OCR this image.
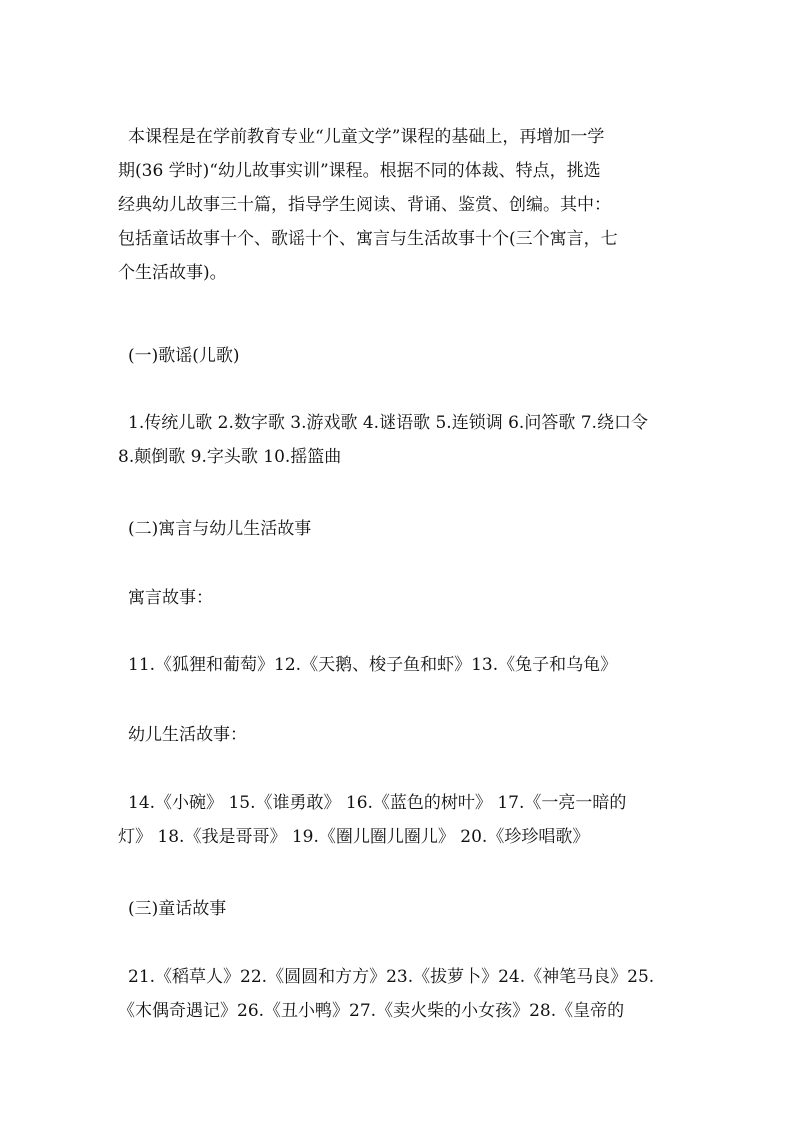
本课程是在学前教育专业“儿童文学”课程的基础上，再增加一学
期(36 学时)“幼儿故事实训”课程。根据不同的体裁、特点，挑选
经典幼儿故事三十篇，指导学生阅读、背诵、鉴赏、创编。其中：
包括童话故事十个、歌谣十个、寓言与生活故事十个(三个寓言，七
个生活故事)。
(一)歌谣(儿歌)
1.传统儿歌 2.数字歌 3.游戏歌 4.谜语歌 5.连锁调 6.问答歌 7.绕口令
8.颠倒歌 9.字头歌 10.摇篮曲
(二)寓言与幼儿生活故事
寓言故事：
11.《狐狸和葡萄》12.《天鹅、梭子鱼和虾》13.《兔子和乌龟》
幼儿生活故事：
14.《小碗》 15.《谁勇敢》 16.《蓝色的树叶》 17.《一亮一暗的
灯》 18.《我是哥哥》 19.《圈儿圈儿圈儿》 20.《珍珍唱歌》
(三)童话故事
21.《稻草人》22.《圆圆和方方》23.《拔萝卜》24.《神笔马良》25.
《木偶奇遇记》26.《丑小鸭》27.《卖火柴的小女孩》28.《皇帝的
